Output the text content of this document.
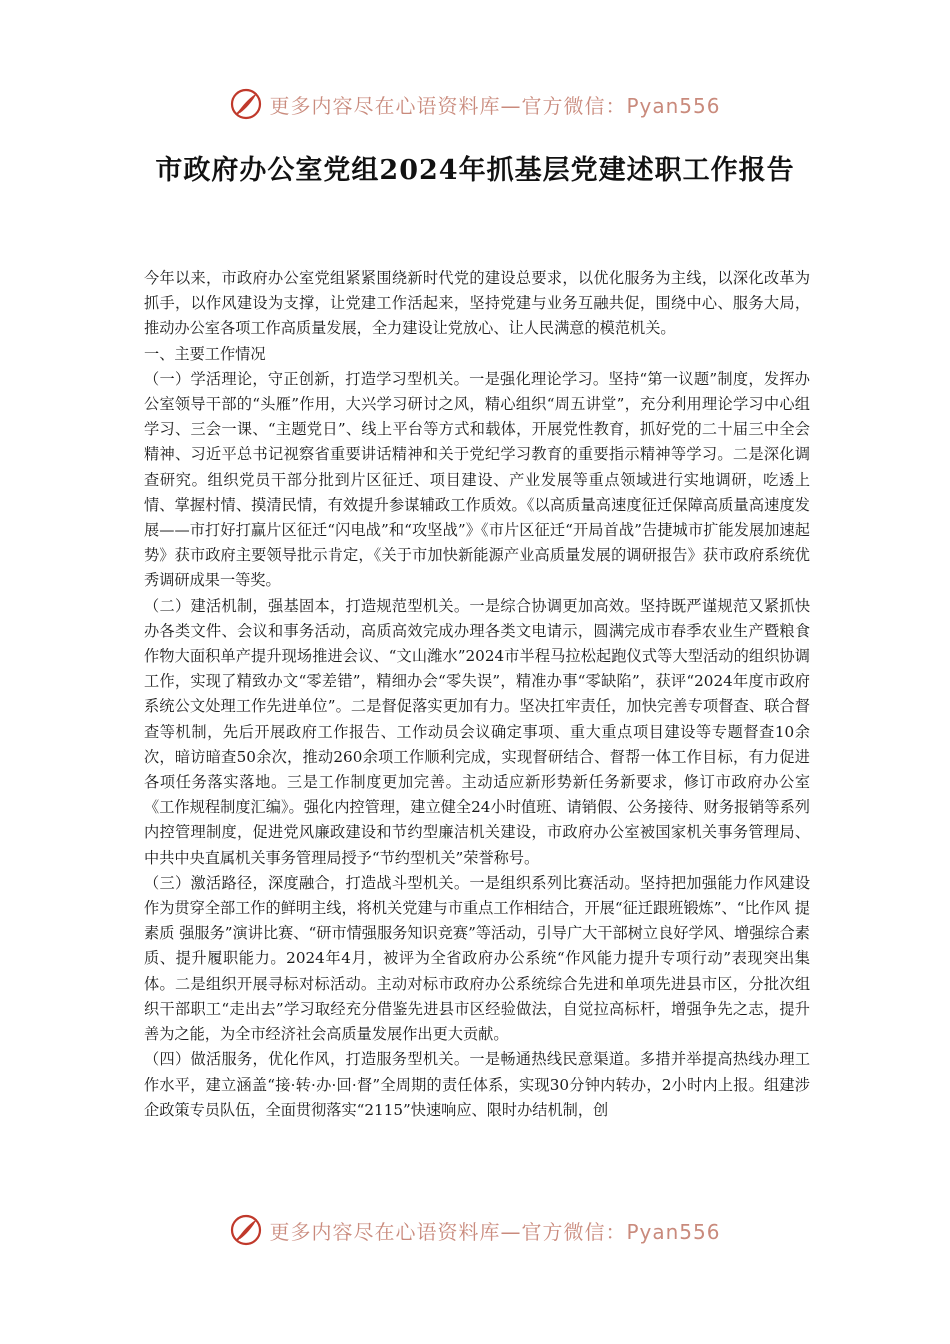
更多内容尽在心语资料库—官方微信：Pyan556
市政府办公室党组2024年抓基层党建述职工作报告

今年以来，市政府办公室党组紧紧围绕新时代党的建设总要求，以优化服务为主线，以深化改革为抓手，以作风建设为支撑，让党建工作活起来，坚持党建与业务互融共促，围绕中心、服务大局，推动办公室各项工作高质量发展，全力建设让党放心、让人民满意的模范机关。

一、主要工作情况

（一）学活理论，守正创新，打造学习型机关。一是强化理论学习。坚持“第一议题”制度，发挥办公室领导干部的“头雁”作用，大兴学习研讨之风，精心组织“周五讲堂”，充分利用理论学习中心组学习、三会一课、“主题党日”、线上平台等方式和载体，开展党性教育，抓好党的二十届三中全会精神、习近平总书记视察省重要讲话精神和关于党纪学习教育的重要指示精神等学习。二是深化调查研究。组织党员干部分批到片区征迁、项目建设、产业发展等重点领域进行实地调研，吃透上情、掌握村情、摸清民情，有效提升参谋辅政工作质效。《以高质量高速度征迁保障高质量高速度发展——市打好打赢片区征迁“闪电战”和“攻坚战”》《市片区征迁“开局首战”告捷城市扩能发展加速起势》获市政府主要领导批示肯定，《关于市加快新能源产业高质量发展的调研报告》获市政府系统优秀调研成果一等奖。

（二）建活机制，强基固本，打造规范型机关。一是综合协调更加高效。坚持既严谨规范又紧抓快办各类文件、会议和事务活动，高质高效完成办理各类文电请示，圆满完成市春季农业生产暨粮食作物大面积单产提升现场推进会议、“文山潍水”2024市半程马拉松起跑仪式等大型活动的组织协调工作，实现了精致办文“零差错”，精细办会“零失误”，精准办事“零缺陷”，获评“2024年度市政府系统公文处理工作先进单位”。二是督促落实更加有力。坚决扛牢责任，加快完善专项督查、联合督查等机制，先后开展政府工作报告、工作动员会议确定事项、重大重点项目建设等专题督查10余次，暗访暗查50余次，推动260余项工作顺利完成，实现督研结合、督帮一体工作目标，有力促进各项任务落实落地。三是工作制度更加完善。主动适应新形势新任务新要求，修订市政府办公室《工作规程制度汇编》。强化内控管理，建立健全24小时值班、请销假、公务接待、财务报销等系列内控管理制度，促进党风廉政建设和节约型廉洁机关建设，市政府办公室被国家机关事务管理局、中共中央直属机关事务管理局授予“节约型机关”荣誉称号。

（三）激活路径，深度融合，打造战斗型机关。一是组织系列比赛活动。坚持把加强能力作风建设作为贯穿全部工作的鲜明主线，将机关党建与市重点工作相结合，开展“征迁跟班锻炼”、“比作风 提素质 强服务”演讲比赛、“研市情强服务知识竞赛”等活动，引导广大干部树立良好学风、增强综合素质、提升履职能力。2024年4月，被评为全省政府办公系统“作风能力提升专项行动”表现突出集体。二是组织开展寻标对标活动。主动对标市政府办公系统综合先进和单项先进县市区，分批次组织干部职工“走出去”学习取经充分借鉴先进县市区经验做法，自觉拉高标杆，增强争先之志，提升善为之能，为全市经济社会高质量发展作出更大贡献。

（四）做活服务，优化作风，打造服务型机关。一是畅通热线民意渠道。多措并举提高热线办理工作水平，建立涵盖“接·转·办·回·督”全周期的责任体系，实现30分钟内转办，2小时内上报。组建涉企政策专员队伍，全面贯彻落实“2115”快速响应、限时办结机制，创

更多内容尽在心语资料库—官方微信：Pyan556
